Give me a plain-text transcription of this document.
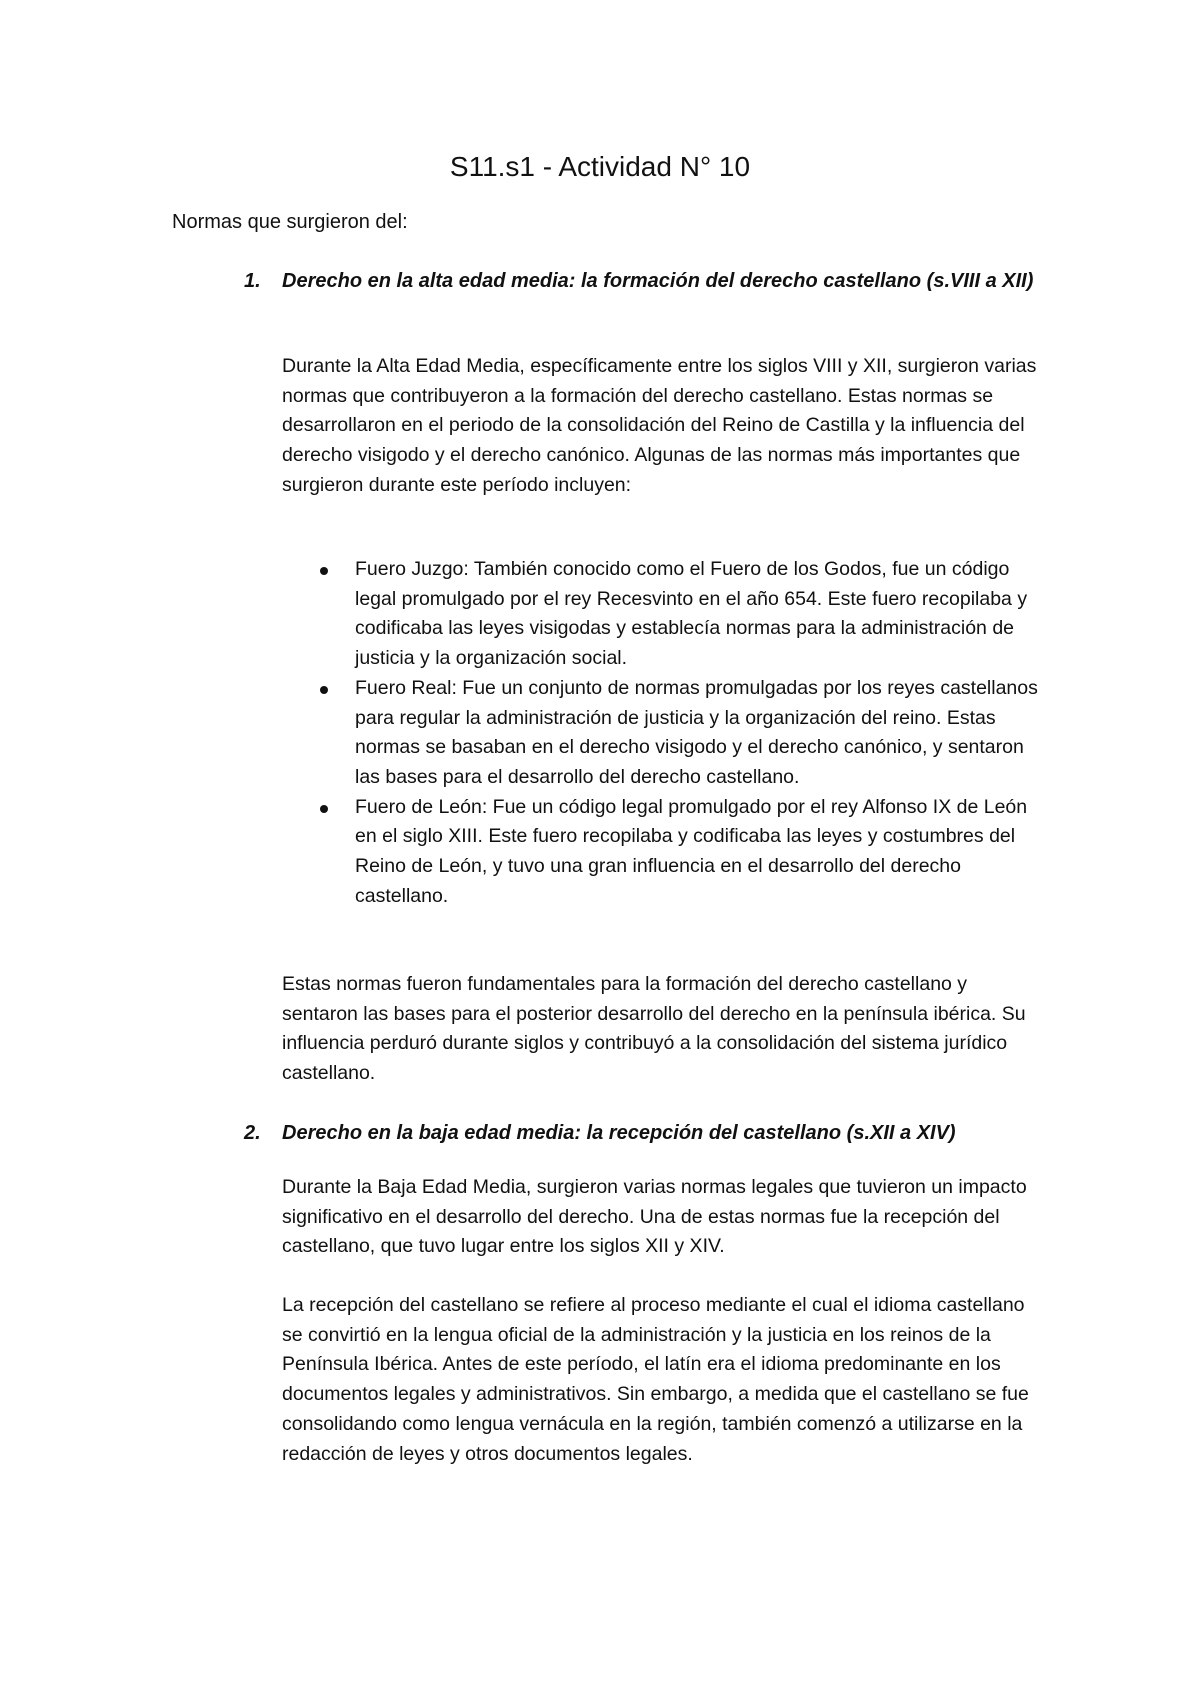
S11.s1 - Actividad N° 10
Normas que surgieron del:
1. Derecho en la alta edad media: la formación del derecho castellano (s.VIII a XII)

Durante la Alta Edad Media, específicamente entre los siglos VIII y XII, surgieron varias normas que contribuyeron a la formación del derecho castellano. Estas normas se desarrollaron en el periodo de la consolidación del Reino de Castilla y la influencia del derecho visigodo y el derecho canónico. Algunas de las normas más importantes que surgieron durante este período incluyen:

Fuero Juzgo: También conocido como el Fuero de los Godos, fue un código legal promulgado por el rey Recesvinto en el año 654. Este fuero recopilaba y codificaba las leyes visigodas y establecía normas para la administración de justicia y la organización social.
Fuero Real: Fue un conjunto de normas promulgadas por los reyes castellanos para regular la administración de justicia y la organización del reino. Estas normas se basaban en el derecho visigodo y el derecho canónico, y sentaron las bases para el desarrollo del derecho castellano.
Fuero de León: Fue un código legal promulgado por el rey Alfonso IX de León en el siglo XIII. Este fuero recopilaba y codificaba las leyes y costumbres del Reino de León, y tuvo una gran influencia en el desarrollo del derecho castellano.

Estas normas fueron fundamentales para la formación del derecho castellano y sentaron las bases para el posterior desarrollo del derecho en la península ibérica. Su influencia perduró durante siglos y contribuyó a la consolidación del sistema jurídico castellano.

2. Derecho en la baja edad media: la recepción del castellano (s.XII a XIV)

Durante la Baja Edad Media, surgieron varias normas legales que tuvieron un impacto significativo en el desarrollo del derecho. Una de estas normas fue la recepción del castellano, que tuvo lugar entre los siglos XII y XIV.

La recepción del castellano se refiere al proceso mediante el cual el idioma castellano se convirtió en la lengua oficial de la administración y la justicia en los reinos de la Península Ibérica. Antes de este período, el latín era el idioma predominante en los documentos legales y administrativos. Sin embargo, a medida que el castellano se fue consolidando como lengua vernácula en la región, también comenzó a utilizarse en la redacción de leyes y otros documentos legales.
